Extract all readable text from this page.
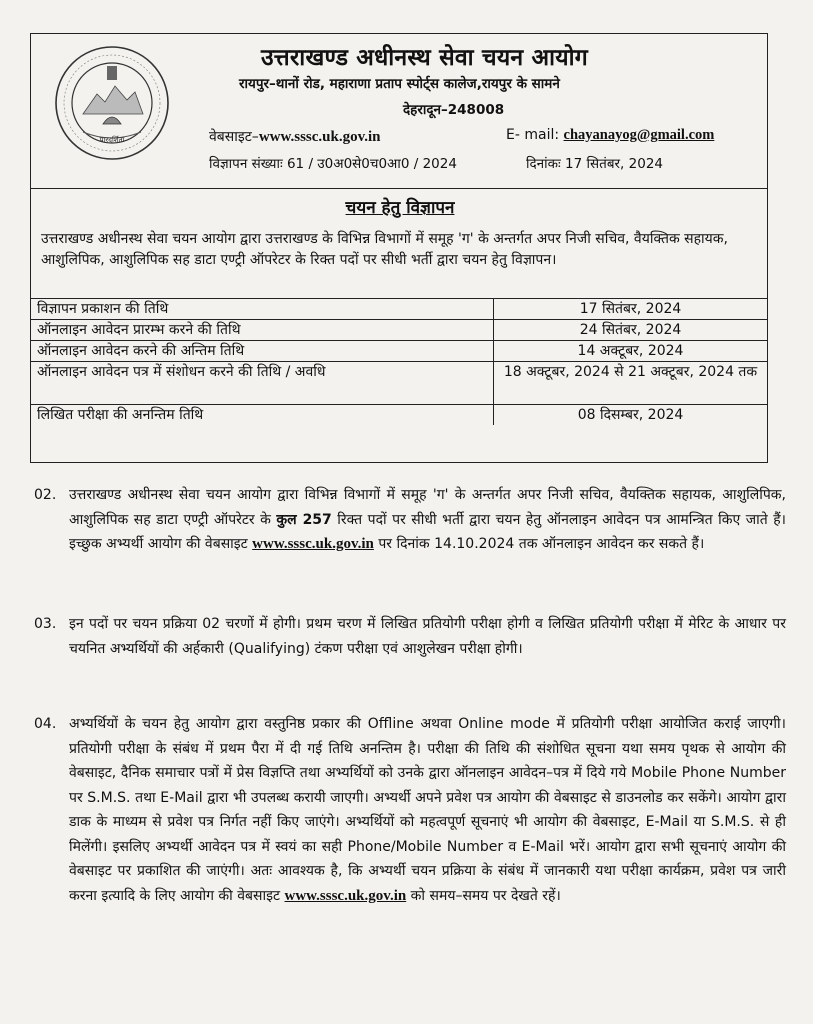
पारदर्शिता
उत्तराखण्ड अधीनस्थ सेवा चयन आयोग
रायपुर–थानों रोड, महाराणा प्रताप स्पोर्ट्स कालेज,रायपुर के सामने
देहरादून–248008
वेबसाइट–www.sssc.uk.gov.in	E- mail: chayanayog@gmail.com
विज्ञापन संख्याः 61 / उ0अ0से0च0आ0 / 2024	दिनांकः 17 सितंबर, 2024
चयन हेतु विज्ञापन
उत्तराखण्ड अधीनस्थ सेवा चयन आयोग द्वारा उत्तराखण्ड के विभिन्न विभागों में समूह 'ग' के अन्तर्गत अपर निजी सचिव, वैयक्तिक सहायक, आशुलिपिक, आशुलिपिक सह डाटा एण्ट्री ऑपरेटर के रिक्त पदों पर सीधी भर्ती द्वारा चयन हेतु विज्ञापन।
विज्ञापन प्रकाशन की तिथि	17 सितंबर, 2024
ऑनलाइन आवेदन प्रारम्भ करने की तिथि	24 सितंबर, 2024
ऑनलाइन आवेदन करने की अन्तिम तिथि	14 अक्टूबर, 2024
ऑनलाइन आवेदन पत्र में संशोधन करने की तिथि / अवधि	18 अक्टूबर, 2024 से 21 अक्टूबर, 2024 तक
लिखित परीक्षा की अनन्तिम तिथि	08 दिसम्बर, 2024
02. उत्तराखण्ड अधीनस्थ सेवा चयन आयोग द्वारा विभिन्न विभागों में समूह 'ग' के अन्तर्गत अपर निजी सचिव, वैयक्तिक सहायक, आशुलिपिक, आशुलिपिक सह डाटा एण्ट्री ऑपरेटर के कुल 257 रिक्त पदों पर सीधी भर्ती द्वारा चयन हेतु ऑनलाइन आवेदन पत्र आमन्त्रित किए जाते हैं। इच्छुक अभ्यर्थी आयोग की वेबसाइट www.sssc.uk.gov.in पर दिनांक 14.10.2024 तक ऑनलाइन आवेदन कर सकते हैं।
03. इन पदों पर चयन प्रक्रिया 02 चरणों में होगी। प्रथम चरण में लिखित प्रतियोगी परीक्षा होगी व लिखित प्रतियोगी परीक्षा में मेरिट के आधार पर चयनित अभ्यर्थियों की अर्हकारी (Qualifying) टंकण परीक्षा एवं आशुलेखन परीक्षा होगी।
04. अभ्यर्थियों के चयन हेतु आयोग द्वारा वस्तुनिष्ठ प्रकार की Offline अथवा Online mode में प्रतियोगी परीक्षा आयोजित कराई जाएगी। प्रतियोगी परीक्षा के संबंध में प्रथम पैरा में दी गई तिथि अनन्तिम है। परीक्षा की तिथि की संशोधित सूचना यथा समय पृथक से आयोग की वेबसाइट, दैनिक समाचार पत्रों में प्रेस विज्ञप्ति तथा अभ्यर्थियों को उनके द्वारा ऑनलाइन आवेदन–पत्र में दिये गये Mobile Phone Number पर S.M.S. तथा E-Mail द्वारा भी उपलब्ध करायी जाएगी। अभ्यर्थी अपने प्रवेश पत्र आयोग की वेबसाइट से डाउनलोड कर सकेंगे। आयोग द्वारा डाक के माध्यम से प्रवेश पत्र निर्गत नहीं किए जाएंगे। अभ्यर्थियों को महत्वपूर्ण सूचनाएं भी आयोग की वेबसाइट, E-Mail या S.M.S. से ही मिलेंगी। इसलिए अभ्यर्थी आवेदन पत्र में स्वयं का सही Phone/Mobile Number व E-Mail भरें। आयोग द्वारा सभी सूचनाएं आयोग की वेबसाइट पर प्रकाशित की जाएंगी। अतः आवश्यक है, कि अभ्यर्थी चयन प्रक्रिया के संबंध में जानकारी यथा परीक्षा कार्यक्रम, प्रवेश पत्र जारी करना इत्यादि के लिए आयोग की वेबसाइट www.sssc.uk.gov.in को समय–समय पर देखते रहें।
